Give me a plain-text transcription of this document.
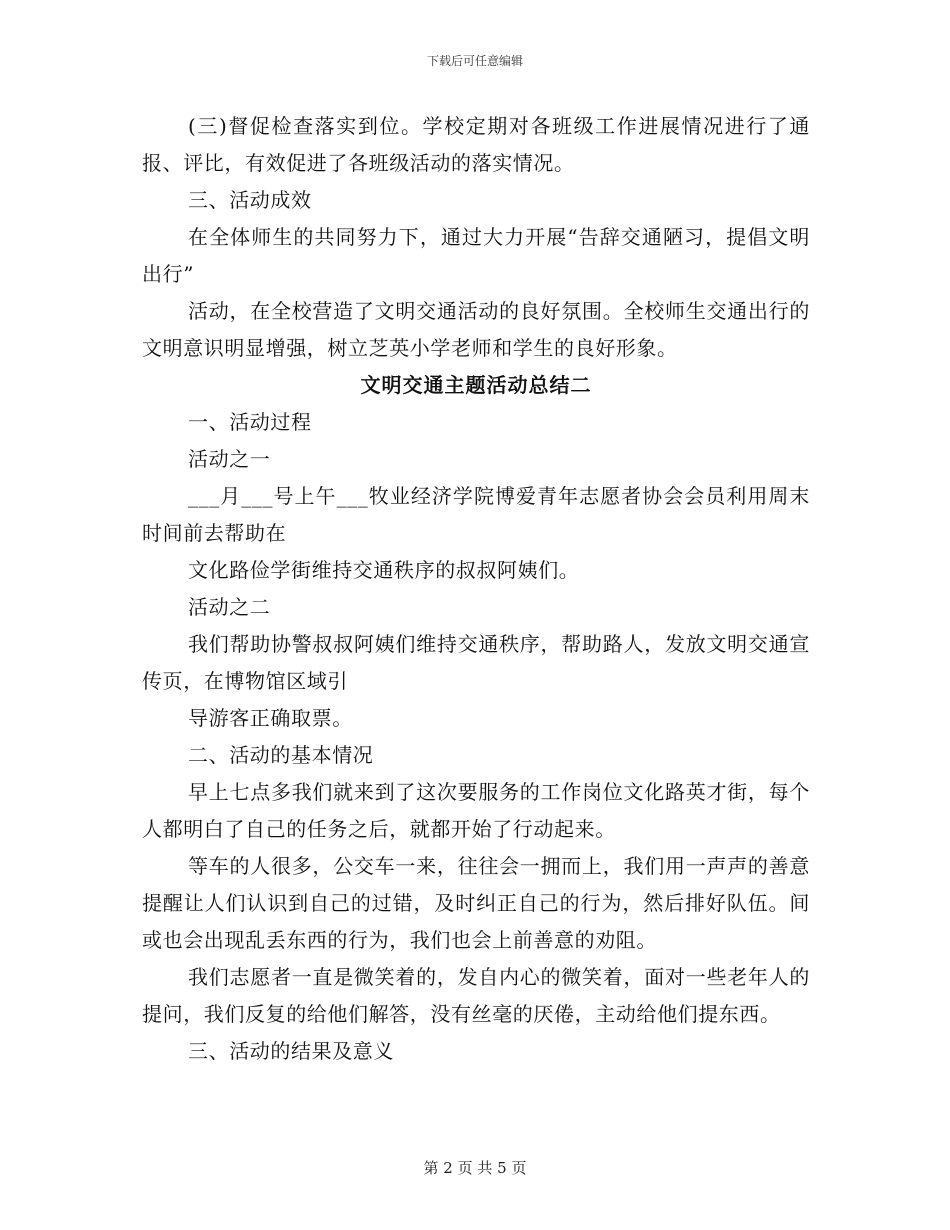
下载后可任意编辑

(三)督促检查落实到位。学校定期对各班级工作进展情况进行了通报、评比，有效促进了各班级活动的落实情况。

三、活动成效

在全体师生的共同努力下，通过大力开展“告辞交通陋习，提倡文明出行”

活动，在全校营造了文明交通活动的良好氛围。全校师生交通出行的文明意识明显增强，树立芝英小学老师和学生的良好形象。

文明交通主题活动总结二

一、活动过程

活动之一

___月___号上午___牧业经济学院博爱青年志愿者协会会员利用周末时间前去帮助在

文化路俭学街维持交通秩序的叔叔阿姨们。

活动之二

我们帮助协警叔叔阿姨们维持交通秩序，帮助路人，发放文明交通宣传页，在博物馆区域引

导游客正确取票。

二、活动的基本情况

早上七点多我们就来到了这次要服务的工作岗位文化路英才街，每个人都明白了自己的任务之后，就都开始了行动起来。

等车的人很多，公交车一来，往往会一拥而上，我们用一声声的善意提醒让人们认识到自己的过错，及时纠正自己的行为，然后排好队伍。间或也会出现乱丢东西的行为，我们也会上前善意的劝阻。

我们志愿者一直是微笑着的，发自内心的微笑着，面对一些老年人的提问，我们反复的给他们解答，没有丝毫的厌倦，主动给他们提东西。

三、活动的结果及意义

第 2 页 共 5 页
